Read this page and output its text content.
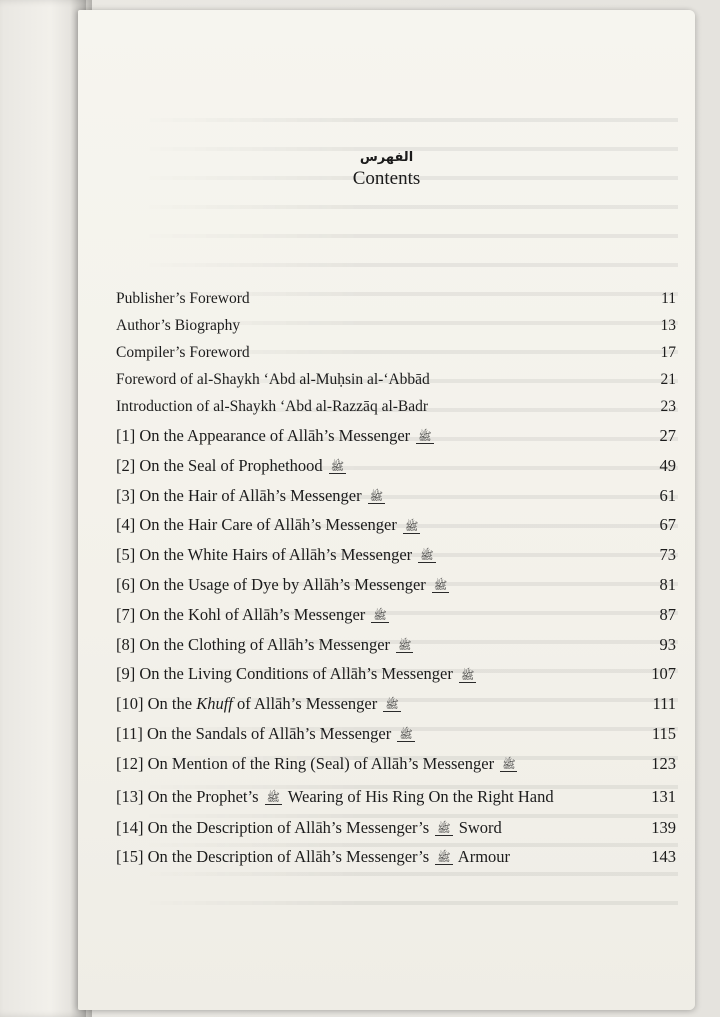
الفهرس
Contents
Publisher’s Foreword	11
Author’s Biography	13
Compiler’s Foreword	17
Foreword of al-Shaykh ‘Abd al-Muḥsin al-‘Abbād	21
Introduction of al-Shaykh ‘Abd al-Razzāq al-Badr	23
[1] On the Appearance of Allāh’s Messenger ﷺ	27
[2] On the Seal of Prophethood ﷺ	49
[3] On the Hair of Allāh’s Messenger ﷺ	61
[4] On the Hair Care of Allāh’s Messenger ﷺ	67
[5] On the White Hairs of Allāh’s Messenger ﷺ	73
[6] On the Usage of Dye by Allāh’s Messenger ﷺ	81
[7] On the Kohl of Allāh’s Messenger ﷺ	87
[8] On the Clothing of Allāh’s Messenger ﷺ	93
[9] On the Living Conditions of Allāh’s Messenger ﷺ	107
[10] On the Khuff of Allāh’s Messenger ﷺ	111
[11] On the Sandals of Allāh’s Messenger ﷺ	115
[12] On Mention of the Ring (Seal) of Allāh’s Messenger ﷺ	123
[13] On the Prophet’s ﷺ Wearing of His Ring On the Right Hand	131
[14] On the Description of Allāh’s Messenger’s ﷺ Sword	139
[15] On the Description of Allāh’s Messenger’s ﷺ Armour	143
